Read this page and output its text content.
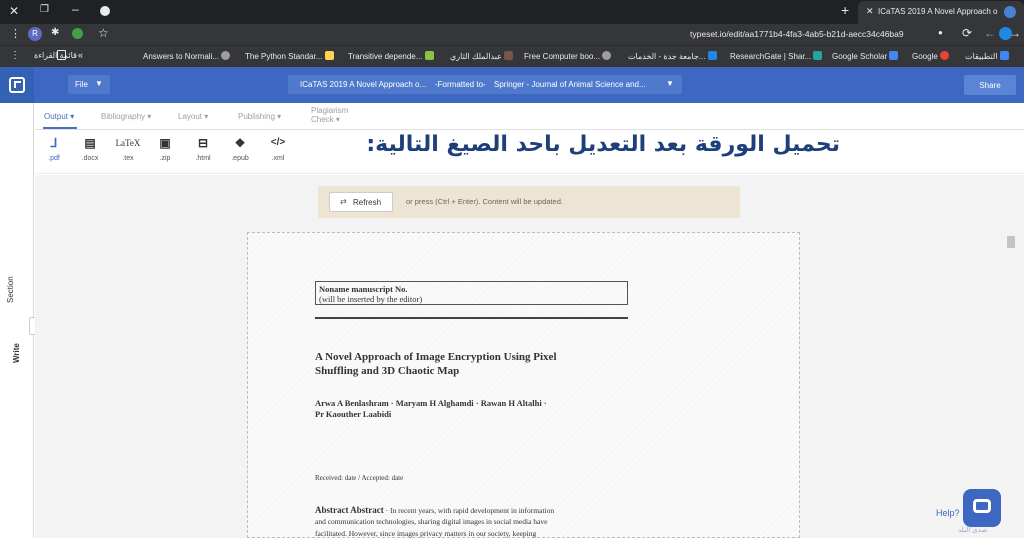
✕ ❐ –	+ ✕ ICaTAS 2019 A Novel Approach o
⋮	R	✱	☆	typeset.io/edit/aa1771b4-4fa3-4ab5-b21d-aecc34c46ba9	● ⟳	→
←
⋮ قائمة القراءة «	Answers to Normali...	The Python Standar...	Transitive depende...	عبدالملك الثاري	Free Computer boo...	جامعة جدة - الخدمات...	ResearchGate | Shar...	Google Scholar	Google	التطبيقات
File ▼	ICaTAS 2019 A Novel Approach o... -Formatted to- Springer - Journal of Animal Science and...	▼	Share
Output ▾	Bibliography ▾	Layout ▾	Publishing ▾
Plagiarism Check ▾
⅃
.pdf
▤
.docx
LaTeX
.tex
▣
.zip
⊟
.html
❖
.epub
</>
.xml
تحميل الورقة بعد التعديل باحد الصيغ التالية:
Section
Write
⇄ Refresh	or press (Ctrl + Enter). Content will be updated.
Noname manuscript No.
(will be inserted by the editor)
A Novel Approach of Image Encryption Using Pixel
Shuffling and 3D Chaotic Map
Arwa A Benlashram · Maryam H Alghamdi · Rawan H Altalhi ·
Pr Kaouther Laabidi
Received: date / Accepted: date
Abstract Abstract · In recent years, with rapid development in information
and communication technologies, sharing digital images in social media have
facilitated. However, since images privacy matters in our society, keeping
Help?
صدى البلد
